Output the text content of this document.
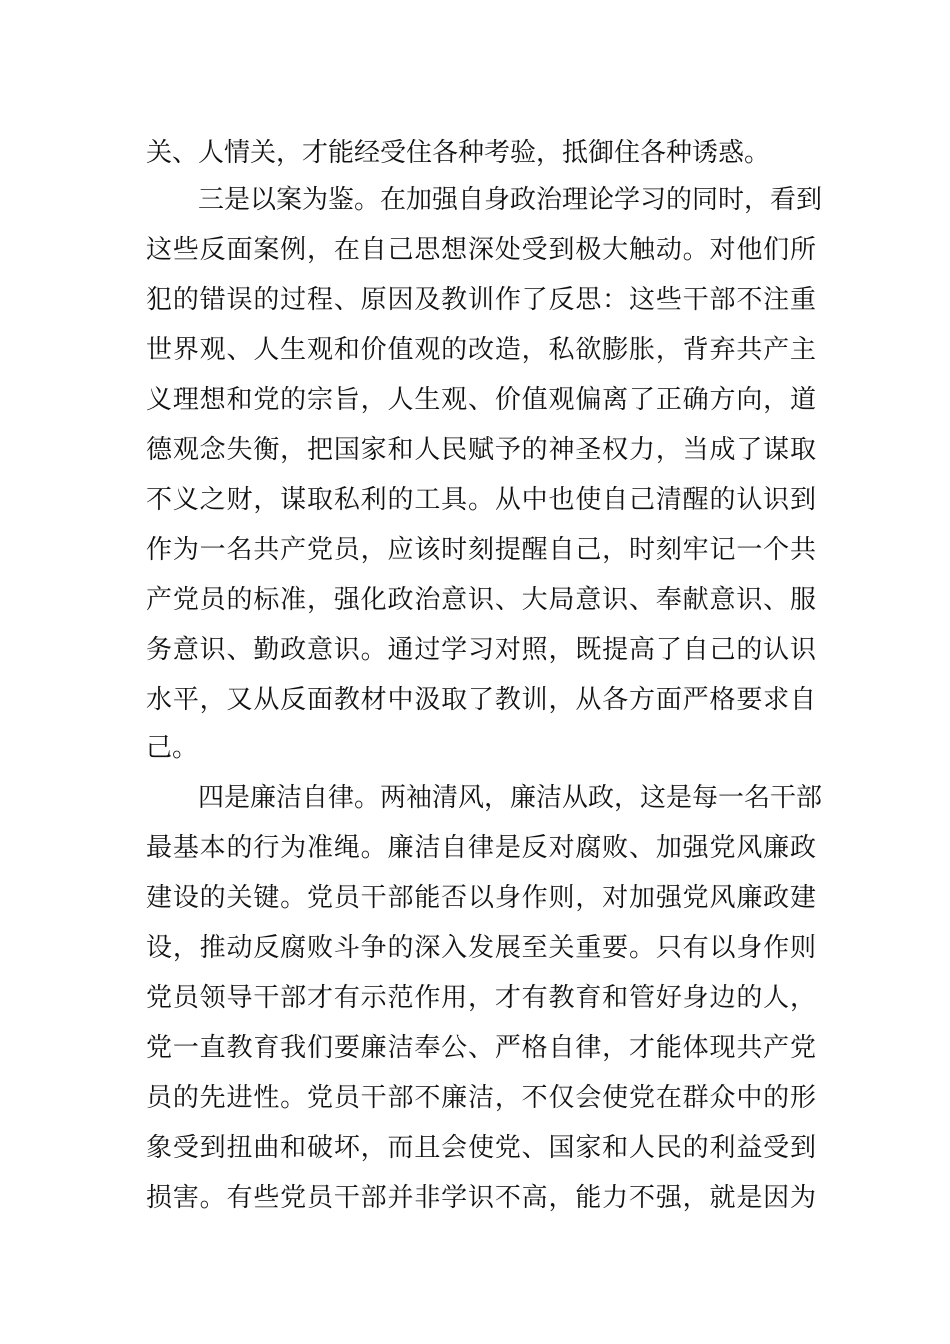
关、人情关，才能经受住各种考验，抵御住各种诱惑。
三是以案为鉴。在加强自身政治理论学习的同时，看到
这些反面案例，在自己思想深处受到极大触动。对他们所
犯的错误的过程、原因及教训作了反思：这些干部不注重
世界观、人生观和价值观的改造，私欲膨胀，背弃共产主
义理想和党的宗旨，人生观、价值观偏离了正确方向，道
德观念失衡，把国家和人民赋予的神圣权力，当成了谋取
不义之财，谋取私利的工具。从中也使自己清醒的认识到
作为一名共产党员，应该时刻提醒自己，时刻牢记一个共
产党员的标准，强化政治意识、大局意识、奉献意识、服
务意识、勤政意识。通过学习对照，既提高了自己的认识
水平，又从反面教材中汲取了教训，从各方面严格要求自
己。
四是廉洁自律。两袖清风，廉洁从政，这是每一名干部
最基本的行为准绳。廉洁自律是反对腐败、加强党风廉政
建设的关键。党员干部能否以身作则，对加强党风廉政建
设，推动反腐败斗争的深入发展至关重要。只有以身作则
党员领导干部才有示范作用，才有教育和管好身边的人，
党一直教育我们要廉洁奉公、严格自律，才能体现共产党
员的先进性。党员干部不廉洁，不仅会使党在群众中的形
象受到扭曲和破坏，而且会使党、国家和人民的利益受到
损害。有些党员干部并非学识不高，能力不强，就是因为
